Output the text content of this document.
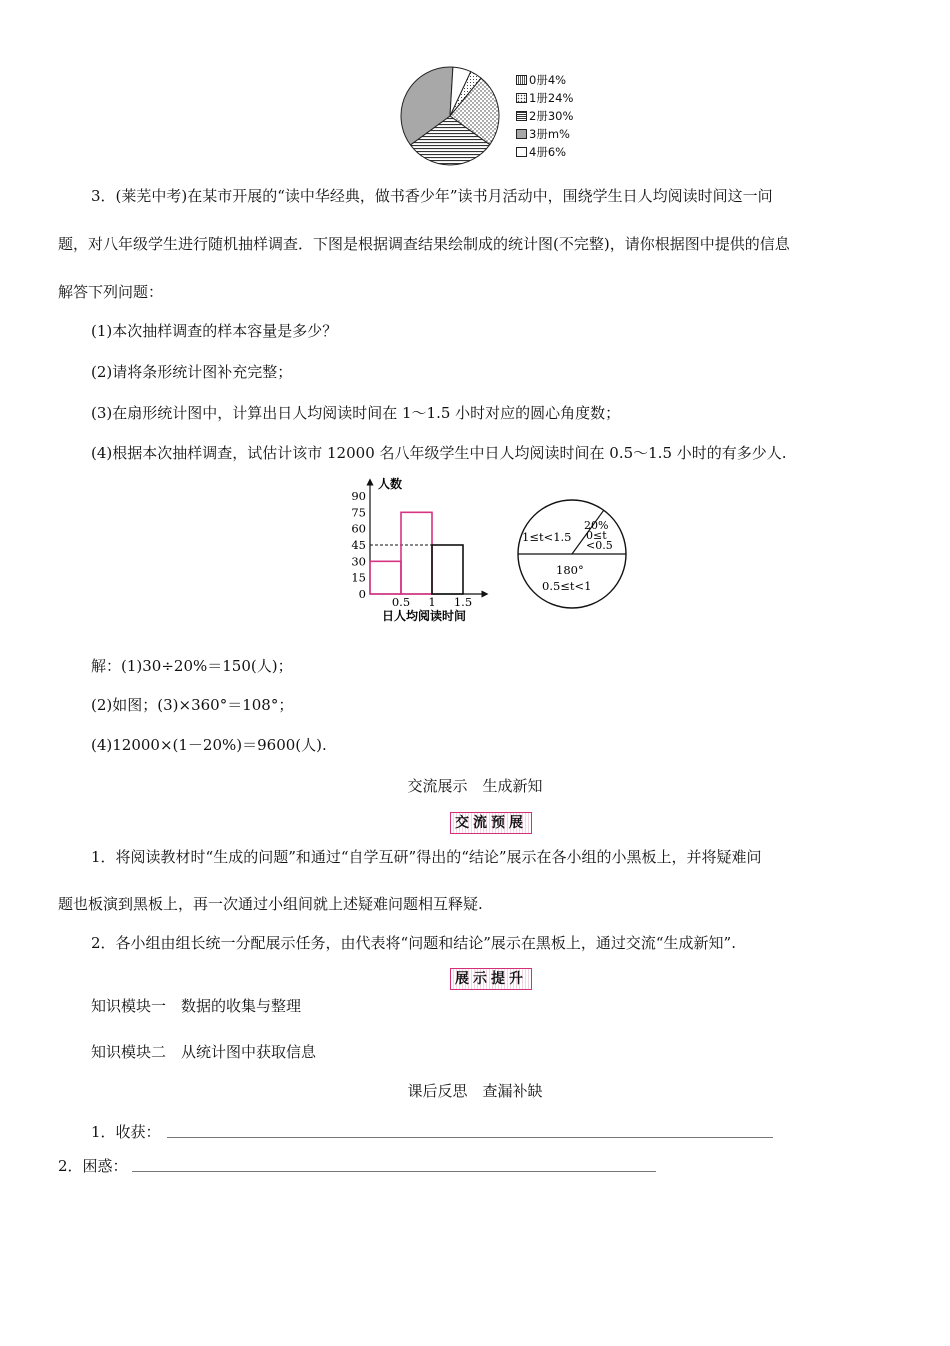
0册4%
1册24%
2册30%
3册m%
4册6%
3．(莱芜中考)在某市开展的“读中华经典，做书香少年”读书月活动中，围绕学生日人均阅读时间这一问
题，对八年级学生进行随机抽样调查．下图是根据调查结果绘制成的统计图(不完整)，请你根据图中提供的信息
解答下列问题：
(1)本次抽样调查的样本容量是多少？
(2)请将条形统计图补充完整；
(3)在扇形统计图中，计算出日人均阅读时间在 1～1.5 小时对应的圆心角度数；
(4)根据本次抽样调查，试估计该市 12000 名八年级学生中日人均阅读时间在 0.5～1.5 小时的有多少人.
人数
90
75
60
45
30
15
0
0.5 1 1.5
日人均阅读时间
1≤t<1.5
20%
0≤t
<0.5
180°
0.5≤t<1
解：(1)30÷20%＝150(人)；
(2)如图；(3)×360°＝108°；
(4)12000×(1－20%)＝9600(人).
交流展示　生成新知
交流预展
1．将阅读教材时“生成的问题”和通过“自学互研”得出的“结论”展示在各小组的小黑板上，并将疑难问
题也板演到黑板上，再一次通过小组间就上述疑难问题相互释疑.
2．各小组由组长统一分配展示任务，由代表将“问题和结论”展示在黑板上，通过交流“生成新知”.
展示提升
知识模块一　数据的收集与整理
知识模块二　从统计图中获取信息
课后反思　查漏补缺
1．收获：
2．困惑：
